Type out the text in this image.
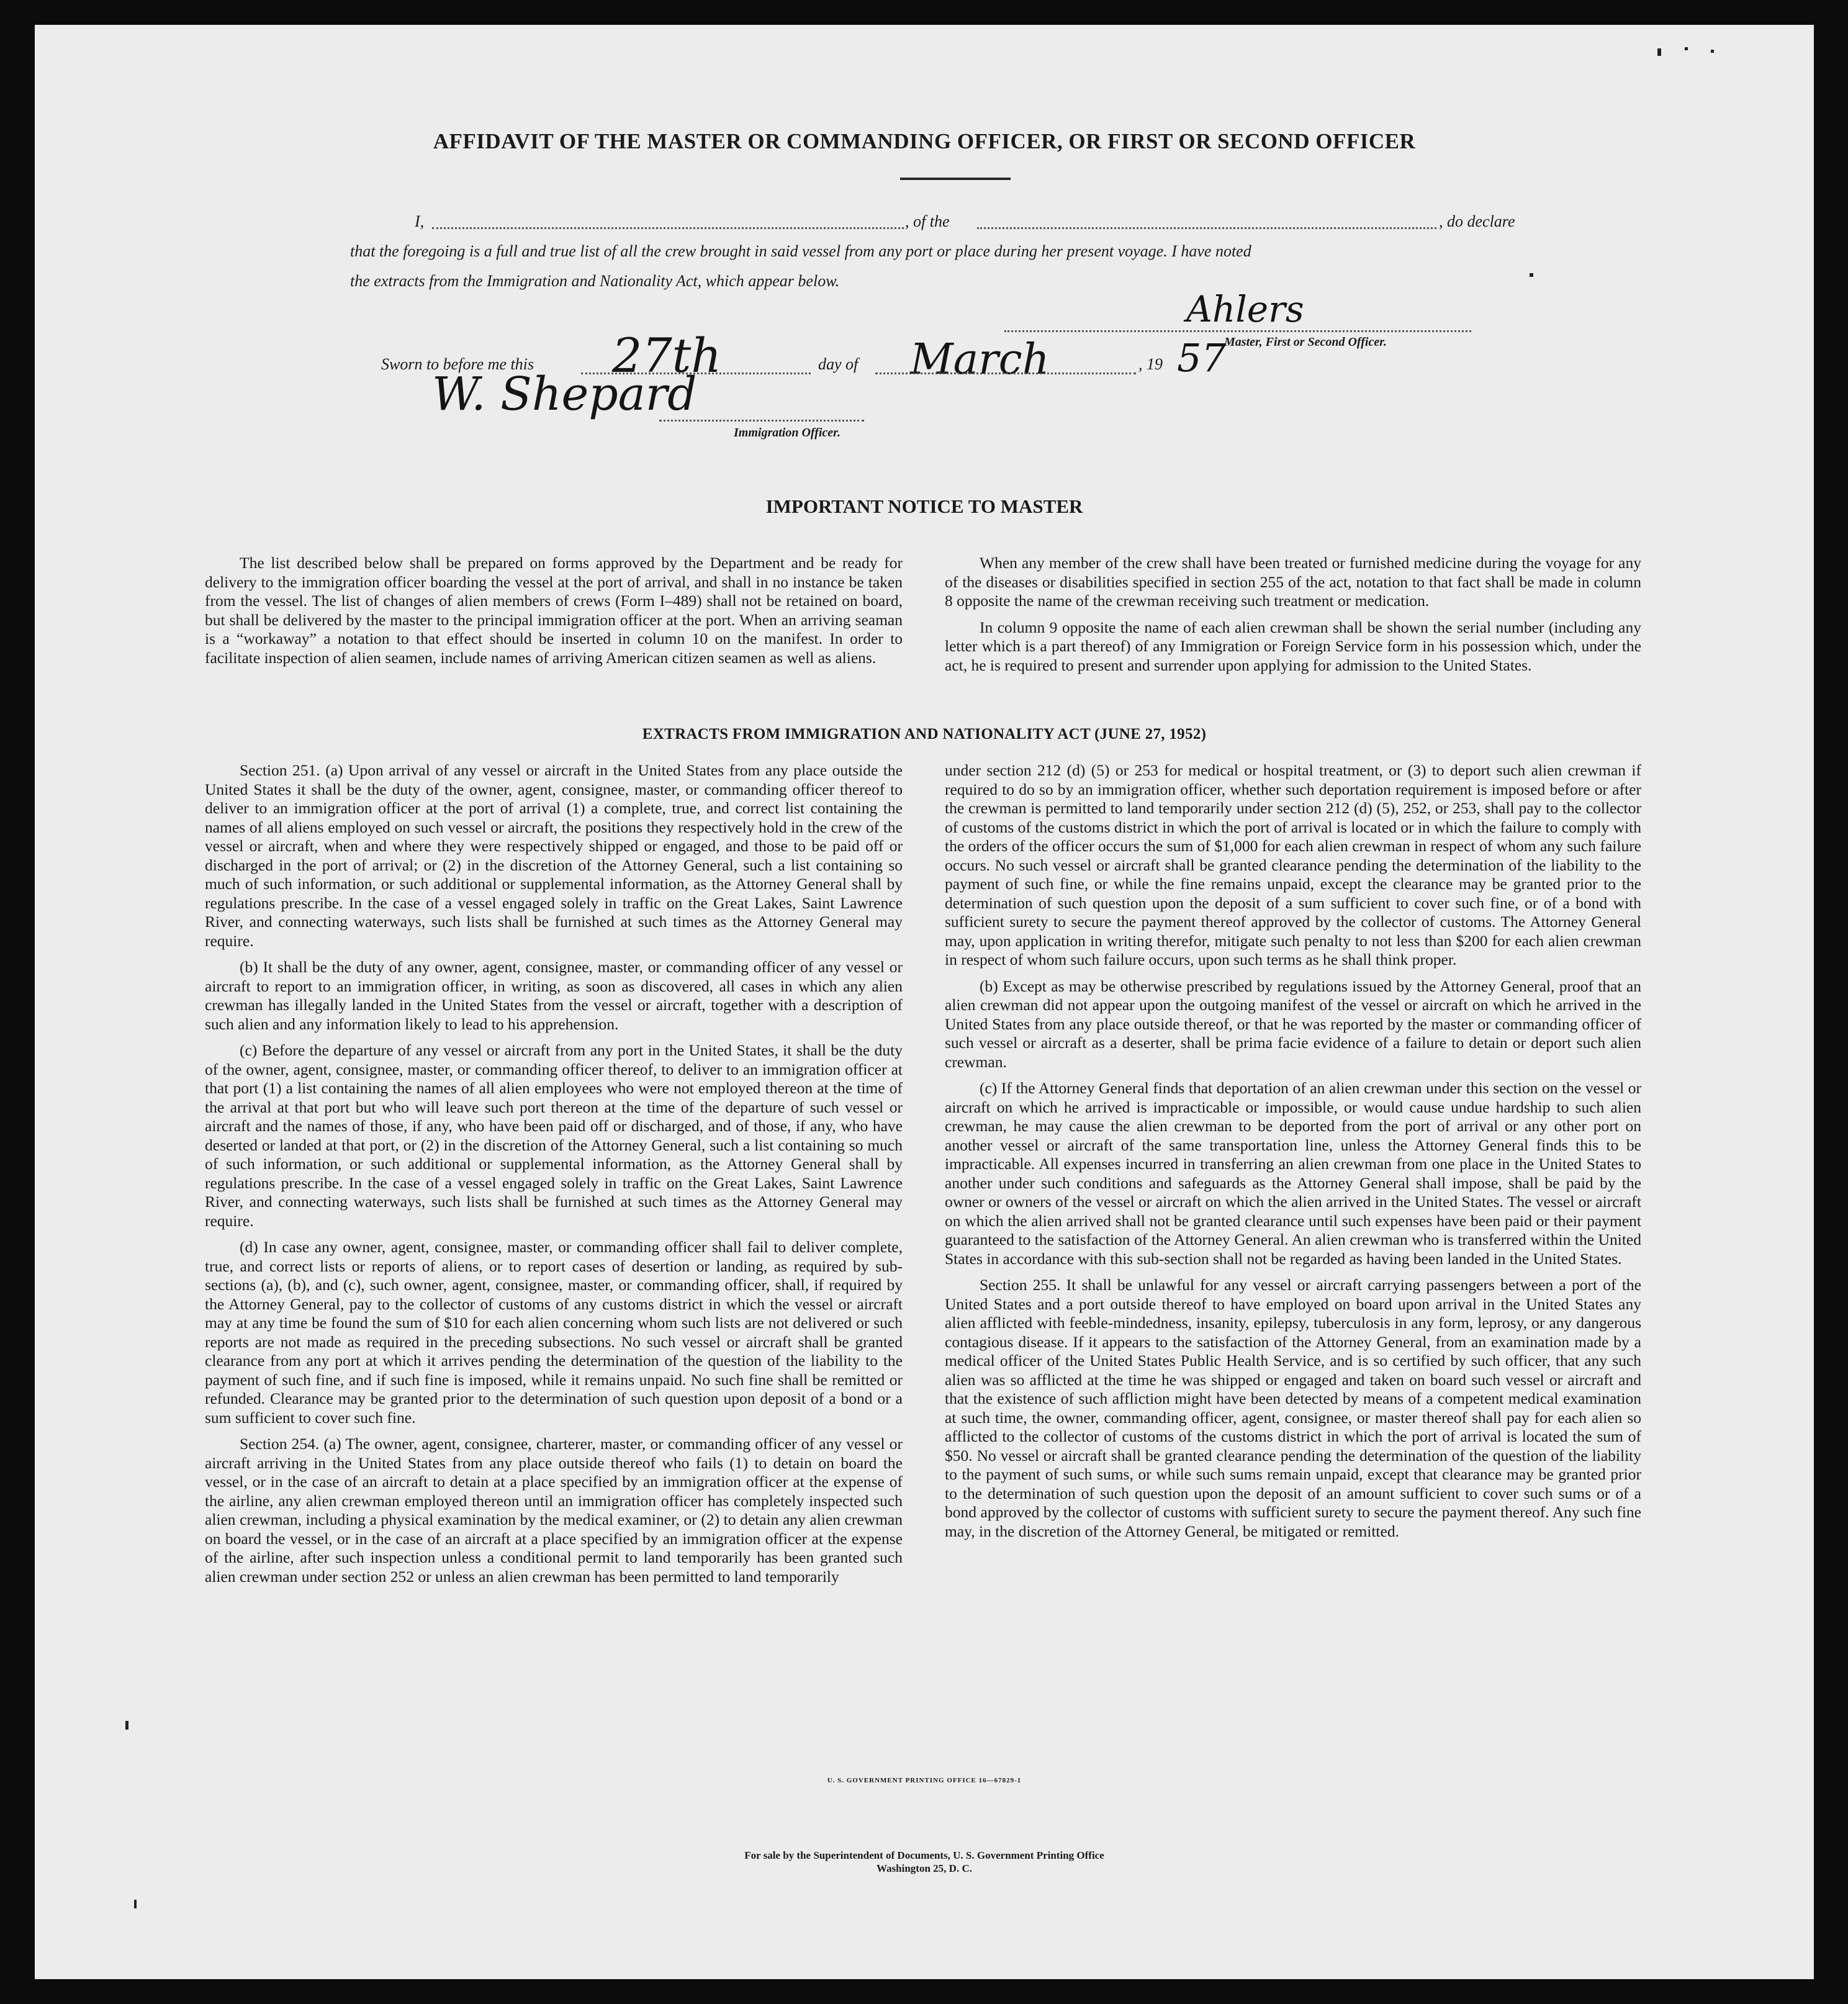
AFFIDAVIT OF THE MASTER OR COMMANDING OFFICER, OR FIRST OR SECOND OFFICER
I,	, of the	, do declare
that the foregoing is a full and true list of all the crew brought in said vessel from any port or place during her present voyage. I have noted
the extracts from the Immigration and Nationality Act, which appear below.
Ahlers
Master, First or Second Officer.
Sworn to before me this 27th	day of March	, 19 57
W. Shepard
Immigration Officer.
IMPORTANT NOTICE TO MASTER

The list described below shall be prepared on forms approved by the Department and be ready for delivery to the immigration officer boarding the vessel at the port of arrival, and shall in no instance be taken from the vessel. The list of changes of alien members of crews (Form I–489) shall not be retained on board, but shall be delivered by the master to the principal immigration officer at the port. When an arriving seaman is a “workaway” a notation to that effect should be inserted in column 10 on the manifest. In order to facilitate inspection of alien seamen, include names of arriving American citizen seamen as well as aliens.

When any member of the crew shall have been treated or furnished medicine during the voyage for any of the diseases or disabilities specified in section 255 of the act, notation to that fact shall be made in column 8 opposite the name of the crewman receiving such treatment or medication.

In column 9 opposite the name of each alien crewman shall be shown the serial number (including any letter which is a part thereof) of any Immigration or Foreign Service form in his possession which, under the act, he is required to present and surrender upon applying for admission to the United States.

EXTRACTS FROM IMMIGRATION AND NATIONALITY ACT (JUNE 27, 1952)

Section 251. (a) Upon arrival of any vessel or aircraft in the United States from any place outside the United States it shall be the duty of the owner, agent, consignee, master, or commanding officer thereof to deliver to an immigration officer at the port of arrival (1) a complete, true, and correct list containing the names of all aliens employed on such vessel or aircraft, the positions they respectively hold in the crew of the vessel or aircraft, when and where they were respectively shipped or engaged, and those to be paid off or discharged in the port of arrival; or (2) in the discretion of the Attorney General, such a list containing so much of such information, or such additional or supplemental information, as the Attorney General shall by regulations prescribe. In the case of a vessel engaged solely in traffic on the Great Lakes, Saint Lawrence River, and connecting waterways, such lists shall be furnished at such times as the Attorney General may require.

(b) It shall be the duty of any owner, agent, consignee, master, or commanding officer of any vessel or aircraft to report to an immigration officer, in writing, as soon as discovered, all cases in which any alien crewman has illegally landed in the United States from the vessel or aircraft, together with a description of such alien and any information likely to lead to his apprehension.

(c) Before the departure of any vessel or aircraft from any port in the United States, it shall be the duty of the owner, agent, consignee, master, or commanding officer thereof, to deliver to an immigration officer at that port (1) a list containing the names of all alien employees who were not employed thereon at the time of the arrival at that port but who will leave such port thereon at the time of the departure of such vessel or aircraft and the names of those, if any, who have been paid off or discharged, and of those, if any, who have deserted or landed at that port, or (2) in the discretion of the Attorney General, such a list containing so much of such information, or such additional or supplemental information, as the Attorney General shall by regulations prescribe. In the case of a vessel engaged solely in traffic on the Great Lakes, Saint Lawrence River, and connecting waterways, such lists shall be furnished at such times as the Attorney General may require.

(d) In case any owner, agent, consignee, master, or commanding officer shall fail to deliver complete, true, and correct lists or reports of aliens, or to report cases of desertion or landing, as required by sub-sections (a), (b), and (c), such owner, agent, consignee, master, or commanding officer, shall, if required by the Attorney General, pay to the collector of customs of any customs district in which the vessel or aircraft may at any time be found the sum of $10 for each alien concerning whom such lists are not delivered or such reports are not made as required in the preceding subsections. No such vessel or aircraft shall be granted clearance from any port at which it arrives pending the determination of the question of the liability to the payment of such fine, and if such fine is imposed, while it remains unpaid. No such fine shall be remitted or refunded. Clearance may be granted prior to the determination of such question upon deposit of a bond or a sum sufficient to cover such fine.

Section 254. (a) The owner, agent, consignee, charterer, master, or commanding officer of any vessel or aircraft arriving in the United States from any place outside thereof who fails (1) to detain on board the vessel, or in the case of an aircraft to detain at a place specified by an immigration officer at the expense of the airline, any alien crewman employed thereon until an immigration officer has completely inspected such alien crewman, including a physical examination by the medical examiner, or (2) to detain any alien crewman on board the vessel, or in the case of an aircraft at a place specified by an immigration officer at the expense of the airline, after such inspection unless a conditional permit to land temporarily has been granted such alien crewman under section 252 or unless an alien crewman has been permitted to land temporarily

under section 212 (d) (5) or 253 for medical or hospital treatment, or (3) to deport such alien crewman if required to do so by an immigration officer, whether such deportation requirement is imposed before or after the crewman is permitted to land temporarily under section 212 (d) (5), 252, or 253, shall pay to the collector of customs of the customs district in which the port of arrival is located or in which the failure to comply with the orders of the officer occurs the sum of $1,000 for each alien crewman in respect of whom any such failure occurs. No such vessel or aircraft shall be granted clearance pending the determination of the liability to the payment of such fine, or while the fine remains unpaid, except the clearance may be granted prior to the determination of such question upon the deposit of a sum sufficient to cover such fine, or of a bond with sufficient surety to secure the payment thereof approved by the collector of customs. The Attorney General may, upon application in writing therefor, mitigate such penalty to not less than $200 for each alien crewman in respect of whom such failure occurs, upon such terms as he shall think proper.

(b) Except as may be otherwise prescribed by regulations issued by the Attorney General, proof that an alien crewman did not appear upon the outgoing manifest of the vessel or aircraft on which he arrived in the United States from any place outside thereof, or that he was reported by the master or commanding officer of such vessel or aircraft as a deserter, shall be prima facie evidence of a failure to detain or deport such alien crewman.

(c) If the Attorney General finds that deportation of an alien crewman under this section on the vessel or aircraft on which he arrived is impracticable or impossible, or would cause undue hardship to such alien crewman, he may cause the alien crewman to be deported from the port of arrival or any other port on another vessel or aircraft of the same transportation line, unless the Attorney General finds this to be impracticable. All expenses incurred in transferring an alien crewman from one place in the United States to another under such conditions and safeguards as the Attorney General shall impose, shall be paid by the owner or owners of the vessel or aircraft on which the alien arrived in the United States. The vessel or aircraft on which the alien arrived shall not be granted clearance until such expenses have been paid or their payment guaranteed to the satisfaction of the Attorney General. An alien crewman who is transferred within the United States in accordance with this sub-section shall not be regarded as having been landed in the United States.

Section 255. It shall be unlawful for any vessel or aircraft carrying passengers between a port of the United States and a port outside thereof to have employed on board upon arrival in the United States any alien afflicted with feeble-mindedness, insanity, epilepsy, tuberculosis in any form, leprosy, or any dangerous contagious disease. If it appears to the satisfaction of the Attorney General, from an examination made by a medical officer of the United States Public Health Service, and is so certified by such officer, that any such alien was so afflicted at the time he was shipped or engaged and taken on board such vessel or aircraft and that the existence of such affliction might have been detected by means of a competent medical examination at such time, the owner, commanding officer, agent, consignee, or master thereof shall pay for each alien so afflicted to the collector of customs of the customs district in which the port of arrival is located the sum of $50. No vessel or aircraft shall be granted clearance pending the determination of the question of the liability to the payment of such sums, or while such sums remain unpaid, except that clearance may be granted prior to the determination of such question upon the deposit of an amount sufficient to cover such sums or of a bond approved by the collector of customs with sufficient surety to secure the payment thereof. Any such fine may, in the discretion of the Attorney General, be mitigated or remitted.

U. S. GOVERNMENT PRINTING OFFICE 16—67829-1
For sale by the Superintendent of Documents, U. S. Government Printing Office
Washington 25, D. C.
